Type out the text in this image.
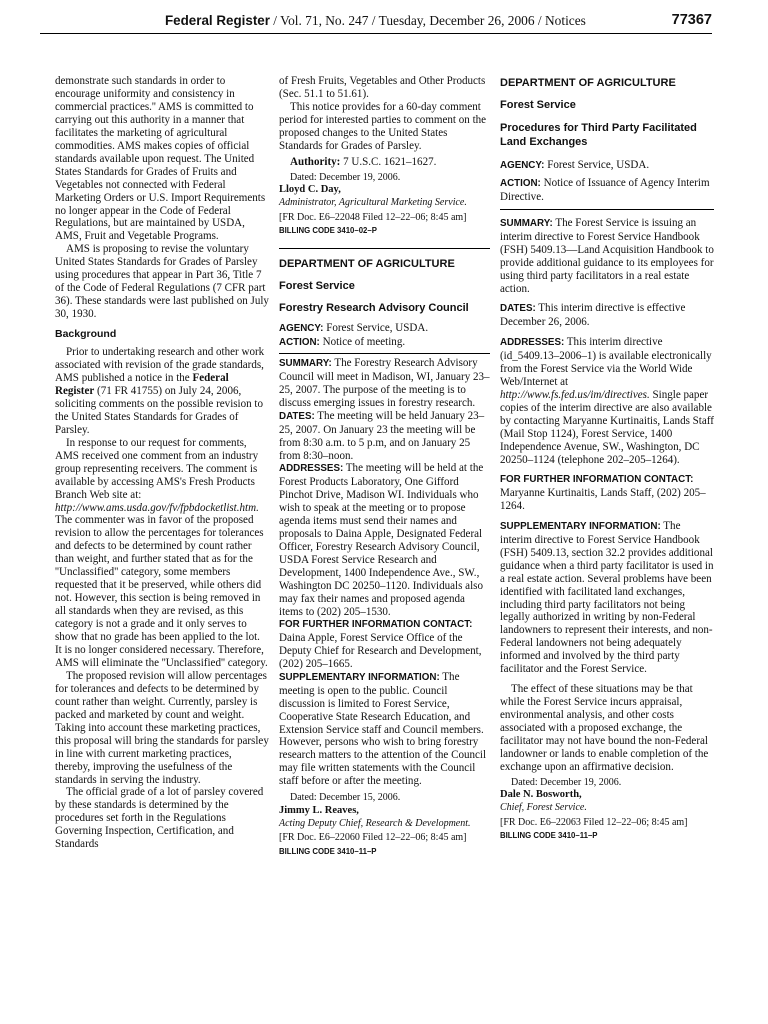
Federal Register / Vol. 71, No. 247 / Tuesday, December 26, 2006 / Notices	77367

demonstrate such standards in order to encourage uniformity and consistency in commercial practices.'' AMS is committed to carrying out this authority in a manner that facilitates the marketing of agricultural commodities. AMS makes copies of official standards available upon request. The United States Standards for Grades of Fruits and Vegetables not connected with Federal Marketing Orders or U.S. Import Requirements no longer appear in the Code of Federal Regulations, but are maintained by USDA, AMS, Fruit and Vegetable Programs.

AMS is proposing to revise the voluntary United States Standards for Grades of Parsley using procedures that appear in Part 36, Title 7 of the Code of Federal Regulations (7 CFR part 36). These standards were last published on July 30, 1930.

Background

Prior to undertaking research and other work associated with revision of the grade standards, AMS published a notice in the Federal Register (71 FR 41755) on July 24, 2006, soliciting comments on the possible revision to the United States Standards for Grades of Parsley.

In response to our request for comments, AMS received one comment from an industry group representing receivers. The comment is available by accessing AMS's Fresh Products Branch Web site at: http://www.ams.usda.gov/fv/fpbdocketlist.htm. The commenter was in favor of the proposed revision to allow the percentages for tolerances and defects to be determined by count rather than weight, and further stated that as for the ''Unclassified'' category, some members requested that it be preserved, while others did not. However, this section is being removed in all standards when they are revised, as this category is not a grade and it only serves to show that no grade has been applied to the lot. It is no longer considered necessary. Therefore, AMS will eliminate the ''Unclassified'' category.

The proposed revision will allow percentages for tolerances and defects to be determined by count rather than weight. Currently, parsley is packed and marketed by count and weight. Taking into account these marketing practices, this proposal will bring the standards for parsley in line with current marketing practices, thereby, improving the usefulness of the standards in serving the industry.

The official grade of a lot of parsley covered by these standards is determined by the procedures set forth in the Regulations Governing Inspection, Certification, and Standards

of Fresh Fruits, Vegetables and Other Products (Sec. 51.1 to 51.61).

This notice provides for a 60-day comment period for interested parties to comment on the proposed changes to the United States Standards for Grades of Parsley.

Authority: 7 U.S.C. 1621–1627.

Dated: December 19, 2006.

Lloyd C. Day,

Administrator, Agricultural Marketing Service.

[FR Doc. E6–22048 Filed 12–22–06; 8:45 am]

BILLING CODE 3410–02–P

DEPARTMENT OF AGRICULTURE

Forest Service

Forestry Research Advisory Council

AGENCY: Forest Service, USDA.

ACTION: Notice of meeting.

SUMMARY: The Forestry Research Advisory Council will meet in Madison, WI, January 23–25, 2007. The purpose of the meeting is to discuss emerging issues in forestry research.

DATES: The meeting will be held January 23–25, 2007. On January 23 the meeting will be from 8:30 a.m. to 5 p.m, and on January 25 from 8:30–noon.

ADDRESSES: The meeting will be held at the Forest Products Laboratory, One Gifford Pinchot Drive, Madison WI. Individuals who wish to speak at the meeting or to propose agenda items must send their names and proposals to Daina Apple, Designated Federal Officer, Forestry Research Advisory Council, USDA Forest Service Research and Development, 1400 Independence Ave., SW., Washington DC 20250–1120. Individuals also may fax their names and proposed agenda items to (202) 205–1530.

FOR FURTHER INFORMATION CONTACT:

Daina Apple, Forest Service Office of the Deputy Chief for Research and Development, (202) 205–1665.

SUPPLEMENTARY INFORMATION: The meeting is open to the public. Council discussion is limited to Forest Service, Cooperative State Research Education, and Extension Service staff and Council members. However, persons who wish to bring forestry research matters to the attention of the Council may file written statements with the Council staff before or after the meeting.

Dated: December 15, 2006.

Jimmy L. Reaves,

Acting Deputy Chief, Research & Development.

[FR Doc. E6–22060 Filed 12–22–06; 8:45 am]

BILLING CODE 3410–11–P

DEPARTMENT OF AGRICULTURE

Forest Service

Procedures for Third Party Facilitated Land Exchanges

AGENCY: Forest Service, USDA.

ACTION: Notice of Issuance of Agency Interim Directive.

SUMMARY: The Forest Service is issuing an interim directive to Forest Service Handbook (FSH) 5409.13—Land Acquisition Handbook to provide additional guidance to its employees for using third party facilitators in a real estate action.

DATES: This interim directive is effective December 26, 2006.

ADDRESSES: This interim directive (id_5409.13–2006–1) is available electronically from the Forest Service via the World Wide Web/Internet at http://www.fs.fed.us/im/directives. Single paper copies of the interim directive are also available by contacting Maryanne Kurtinaitis, Lands Staff (Mail Stop 1124), Forest Service, 1400 Independence Avenue, SW., Washington, DC 20250–1124 (telephone 202–205–1264).

FOR FURTHER INFORMATION CONTACT:

Maryanne Kurtinaitis, Lands Staff, (202) 205–1264.

SUPPLEMENTARY INFORMATION: The interim directive to Forest Service Handbook (FSH) 5409.13, section 32.2 provides additional guidance when a third party facilitator is used in a real estate action. Several problems have been identified with facilitated land exchanges, including third party facilitators not being legally authorized in writing by non-Federal landowners to represent their interests, and non-Federal landowners not being adequately informed and involved by the third party facilitator and the Forest Service.

The effect of these situations may be that while the Forest Service incurs appraisal, environmental analysis, and other costs associated with a proposed exchange, the facilitator may not have bound the non-Federal landowner or lands to enable completion of the exchange upon an affirmative decision.

Dated: December 19, 2006.

Dale N. Bosworth,

Chief, Forest Service.

[FR Doc. E6–22063 Filed 12–22–06; 8:45 am]

BILLING CODE 3410–11–P
